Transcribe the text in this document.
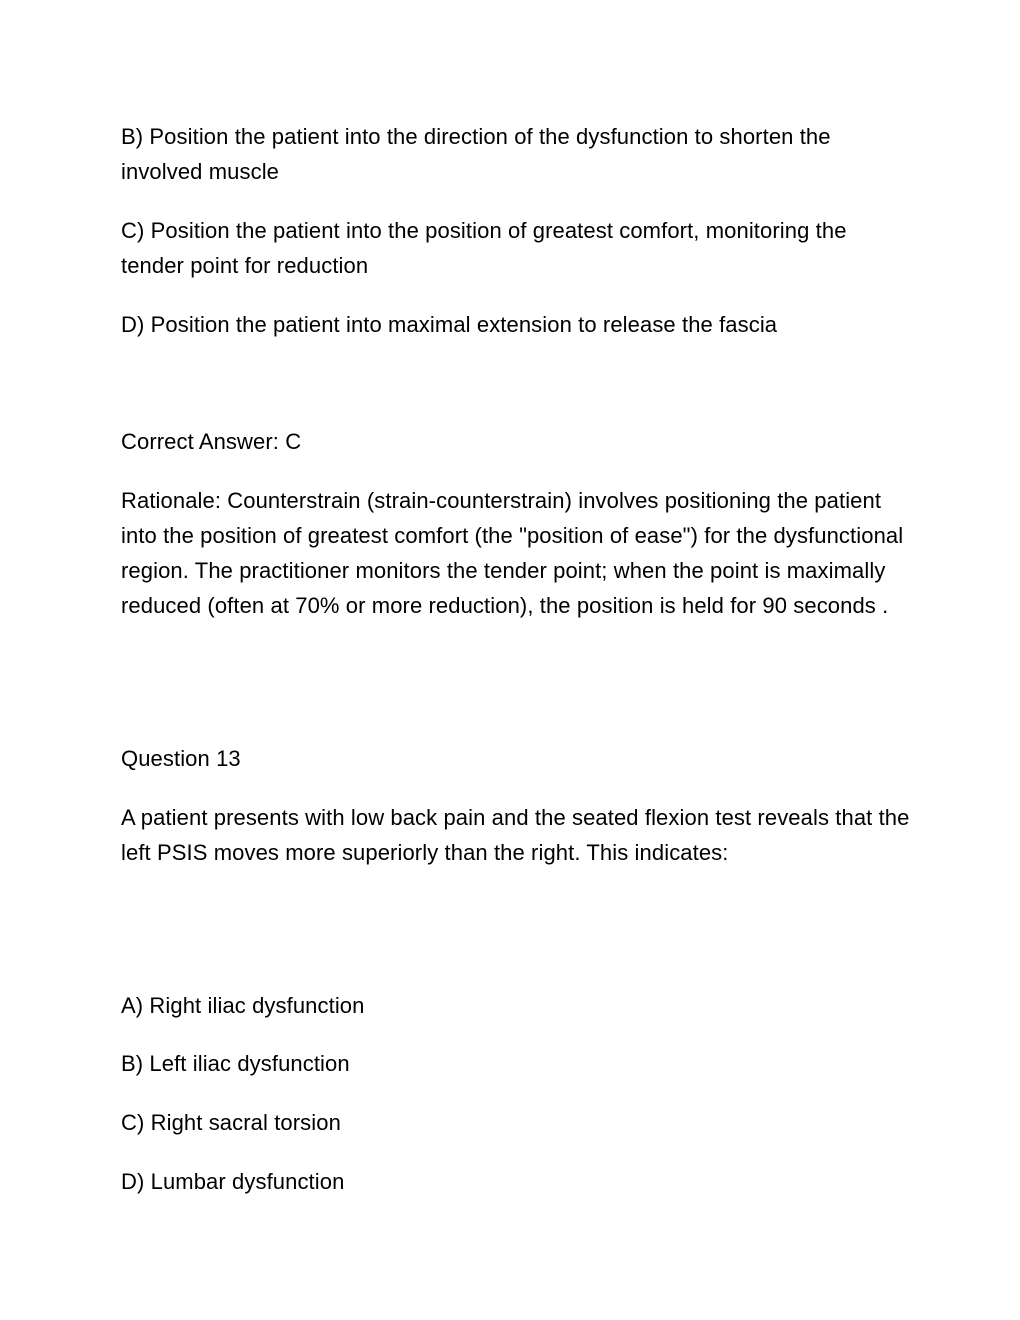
B) Position the patient into the direction of the dysfunction to shorten the involved muscle

C) Position the patient into the position of greatest comfort, monitoring the tender point for reduction

D) Position the patient into maximal extension to release the fascia

Correct Answer: C

Rationale: Counterstrain (strain-counterstrain) involves positioning the patient into the position of greatest comfort (the "position of ease") for the dysfunctional region. The practitioner monitors the tender point; when the point is maximally reduced (often at 70% or more reduction), the position is held for 90 seconds .

Question 13

A patient presents with low back pain and the seated flexion test reveals that the left PSIS moves more superiorly than the right. This indicates:

A) Right iliac dysfunction

B) Left iliac dysfunction

C) Right sacral torsion

D) Lumbar dysfunction
